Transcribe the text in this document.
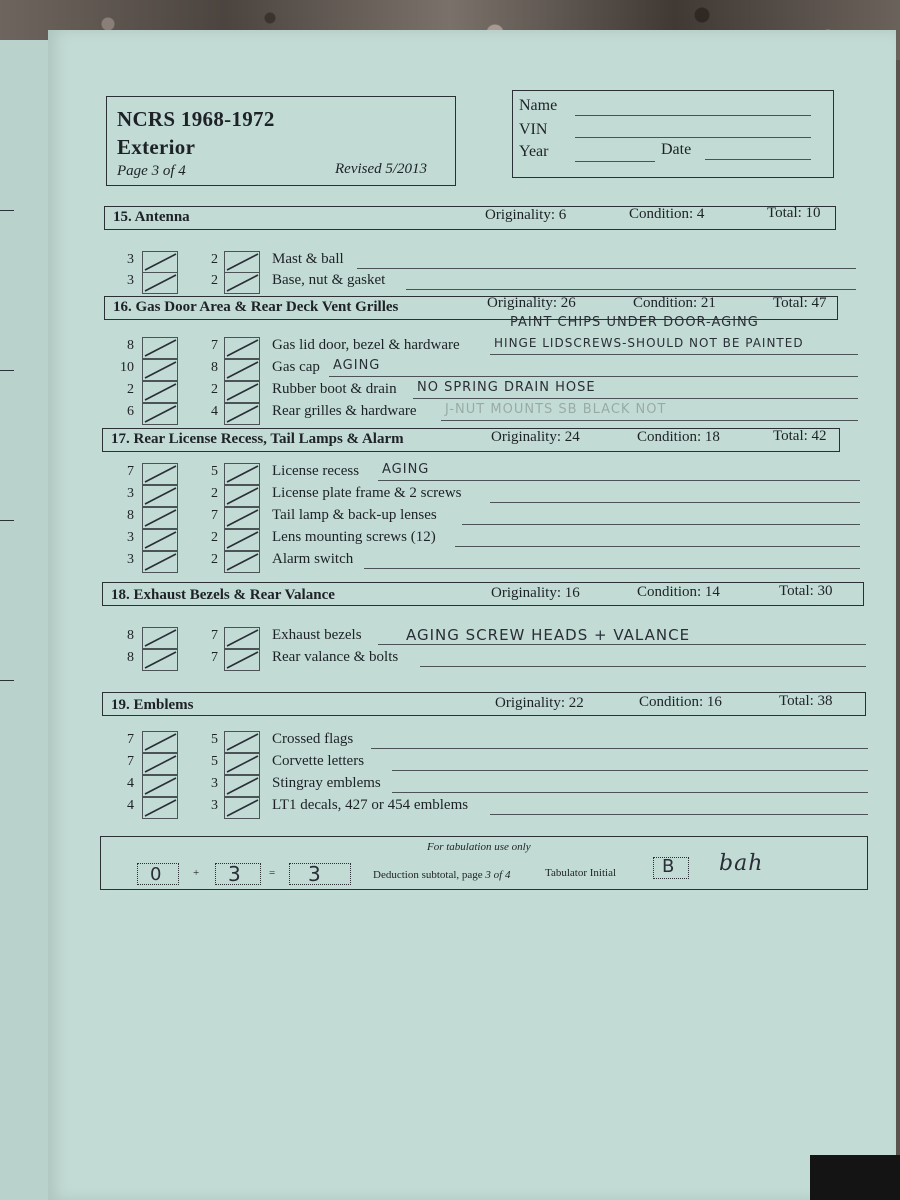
NCRS 1968-1972
Exterior
Page 3 of 4	Revised 5/2013
Name
VIN
Year	Date
15. Antenna	Originality: 6	Condition: 4	Total: 10
3	2	Mast & ball
3	2	Base, nut & gasket
16. Gas Door Area & Rear Deck Vent Grilles	Originality: 26	Condition: 21	Total: 47
PAINT CHIPS UNDER DOOR-AGING
8	7	Gas lid door, bezel & hardware	HINGE LIDSCREWS-SHOULD NOT BE PAINTED
10	8	Gas cap AGING
2	2	Rubber boot & drain NO SPRING DRAIN HOSE
6	4	Rear grilles & hardware J-NUT MOUNTS SB BLACK NOT
17. Rear License Recess, Tail Lamps & Alarm	Originality: 24	Condition: 18	Total: 42
7	5	License recess AGING
3	2	License plate frame & 2 screws
8	7	Tail lamp & back-up lenses
3	2	Lens mounting screws (12)
3	2	Alarm switch
18. Exhaust Bezels & Rear Valance	Originality: 16	Condition: 14	Total: 30
8	7	Exhaust bezels	AGING SCREW HEADS + VALANCE
8	7	Rear valance & bolts
19. Emblems	Originality: 22	Condition: 16	Total: 38
7	5	Crossed flags
7	5	Corvette letters
4	3	Stingray emblems
4	3	LT1 decals, 427 or 454 emblems
For tabulation use only
0	+ 3 = 3	Deduction subtotal, page 3 of 4	Tabulator Initial	B bah
